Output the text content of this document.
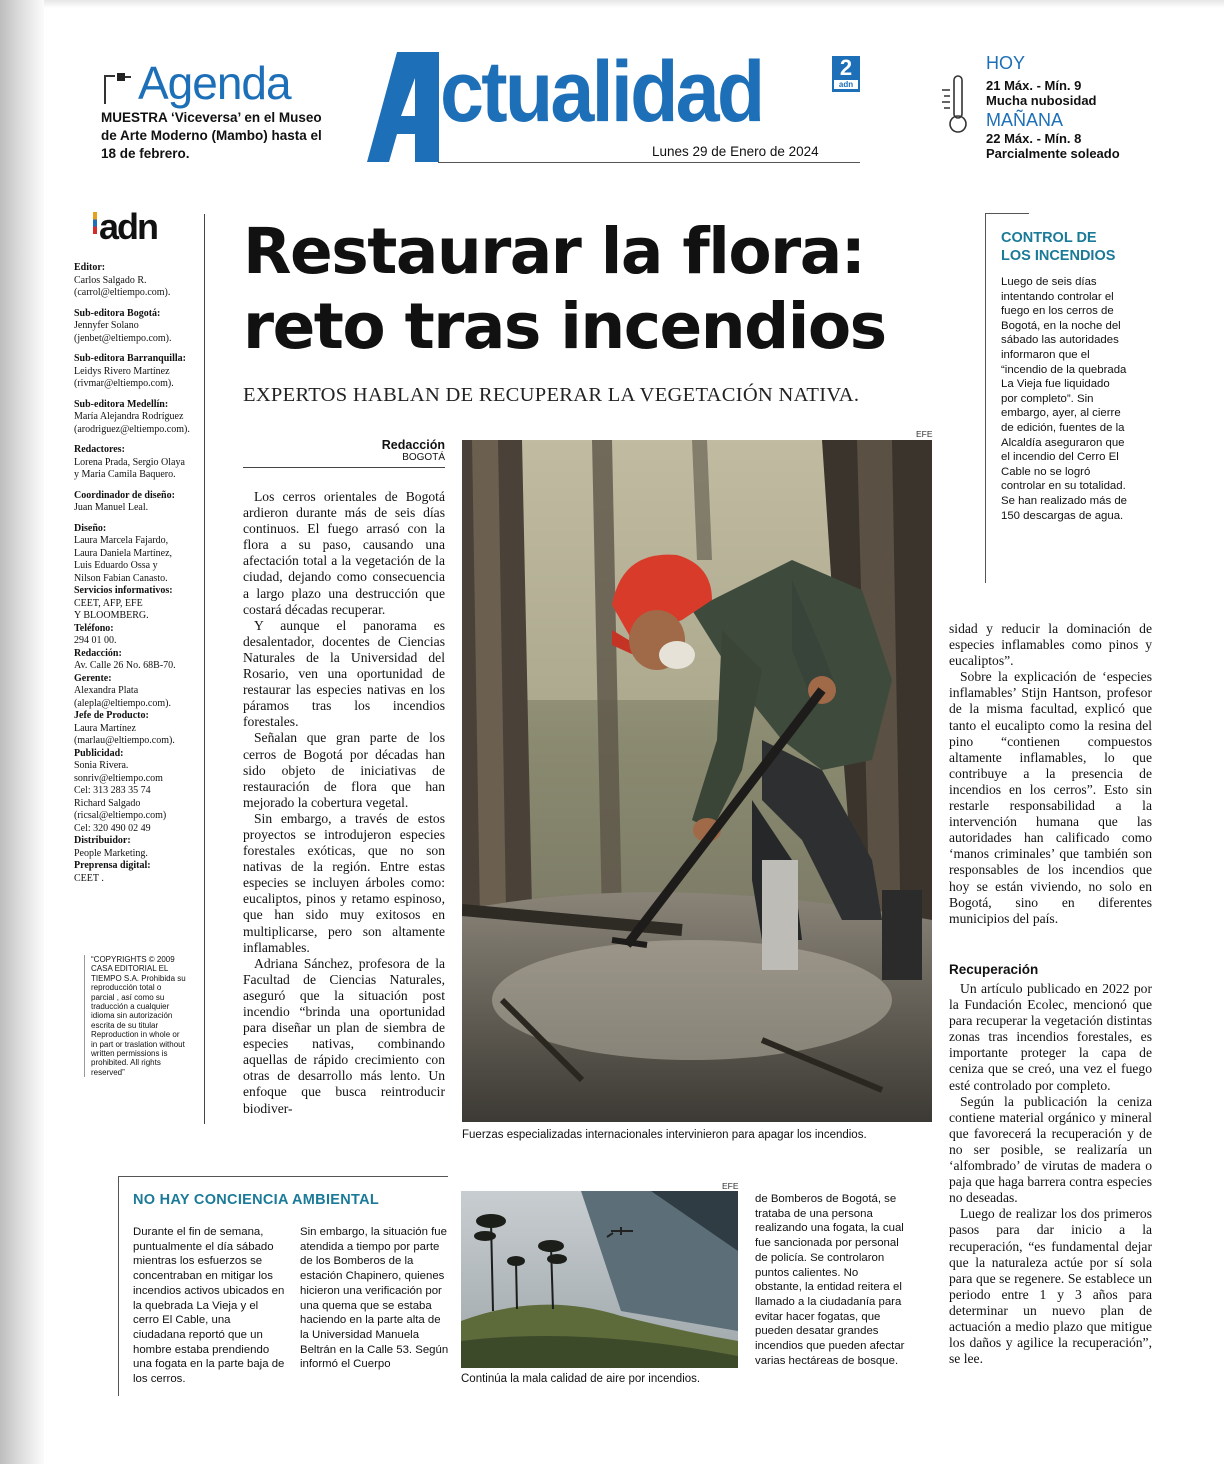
Agenda
MUESTRA ‘Viceversa’ en el Museo de Arte Moderno (Mambo) hasta el 18 de febrero.
ctualidad	2
adn
Lunes 29 de Enero de 2024
HOY
21 Máx. - Mín. 9
Mucha nubosidad
MAÑANA
22 Máx. - Mín. 8
Parcialmente soleado
adn
Editor:
Carlos Salgado R.
(carrol@eltiempo.com).
Sub-editora Bogotá:
Jennyfer Solano
(jenbet@eltiempo.com).
Sub-editora Barranquilla:
Leidys Rivero Martínez
(rivmar@eltiempo.com).
Sub-editora Medellín:
María Alejandra Rodríguez
(arodriguez@eltiempo.com).
Redactores:
Lorena Prada, Sergio Olaya
y Maria Camila Baquero.
Coordinador de diseño:
Juan Manuel Leal.
Diseño:
Laura Marcela Fajardo,
Laura Daniela Martínez,
Luis Eduardo Ossa y
Nilson Fabian Canasto.
Servicios informativos:
CEET, AFP, EFE
Y BLOOMBERG.
Teléfono:
294 01 00.
Redacción:
Av. Calle 26 No. 68B-70.
Gerente:
Alexandra Plata
(alepla@eltiempo.com).
Jefe de Producto:
Laura Martínez
(marlau@eltiempo.com).
Publicidad:
Sonia Rivera.
sonriv@eltiempo.com
Cel: 313 283 35 74
Richard Salgado
(ricsal@eltiempo.com)
Cel: 320 490 02 49
Distribuidor:
People Marketing.
Preprensa digital:
CEET .
“COPYRIGHTS © 2009 CASA EDITORIAL EL TIEMPO S.A. Prohibida su reproducción total o parcial , así como su traducción a cualquier idioma sin autorización escrita de su titular Reproduction in whole or in part or traslation without written permissions is prohibited. All rights reserved”
Restaurar la flora:
reto tras incendios
EXPERTOS HABLAN DE RECUPERAR LA VEGETACIÓN NATIVA.
Redacción
BOGOTÁ

Los cerros orientales de Bogotá ardieron durante más de seis días continuos. El fuego arrasó con la flora a su paso, causando una afectación total a la vegetación de la ciudad, dejando como consecuencia a largo plazo una destrucción que costará décadas recuperar.

Y aunque el panorama es desalentador, docentes de Ciencias Naturales de la Universidad del Rosario, ven una oportunidad de restaurar las especies nativas en los páramos tras los incendios forestales.

Señalan que gran parte de los cerros de Bogotá por décadas han sido objeto de iniciativas de restauración de flora que han mejorado la cobertura vegetal.

Sin embargo, a través de estos proyectos se introdujeron especies forestales exóticas, que no son nativas de la región. Entre estas especies se incluyen árboles como: eucaliptos, pinos y retamo espinoso, que han sido muy exitosos en multiplicarse, pero son altamente inflamables.

Adriana Sánchez, profesora de la Facultad de Ciencias Naturales, aseguró que la situación post incendio “brinda una oportunidad para diseñar un plan de siembra de especies nativas, combinando aquellas de rápido crecimiento con otras de desarrollo más lento. Un enfoque que busca reintroducir biodiver-

EFE
Fuerzas especializadas internacionales intervinieron para apagar los incendios.
CONTROL DE
LOS INCENDIOS
Luego de seis días intentando controlar el fuego en los cerros de Bogotá, en la noche del sábado las autoridades informaron que el “incendio de la quebrada La Vieja fue liquidado por completo”. Sin embargo, ayer, al cierre de edición, fuentes de la Alcaldía aseguraron que el incendio del Cerro El Cable no se logró controlar en su totalidad. Se han realizado más de 150 descargas de agua.

sidad y reducir la dominación de especies inflamables como pinos y eucaliptos”.

Sobre la explicación de ‘especies inflamables’ Stijn Hantson, profesor de la misma facultad, explicó que tanto el eucalipto como la resina del pino “contienen compuestos altamente inflamables, lo que contribuye a la presencia de incendios en los cerros”. Esto sin restarle responsabilidad a la intervención humana que las autoridades han calificado como ‘manos criminales’ que también son responsables de los incendios que hoy se están viviendo, no solo en Bogotá, sino en diferentes municipios del país.

Recuperación

Un artículo publicado en 2022 por la Fundación Ecolec, mencionó que para recuperar la vegetación distintas zonas tras incendios forestales, es importante proteger la capa de ceniza que se creó, una vez el fuego esté controlado por completo.

Según la publicación la ceniza contiene material orgánico y mineral que favorecerá la recuperación y de no ser posible, se realizaría un ‘alfombrado’ de virutas de madera o paja que haga barrera contra especies no deseadas.

Luego de realizar los dos primeros pasos para dar inicio a la recuperación, “es fundamental dejar que la naturaleza actúe por sí sola para que se regenere. Se establece un periodo entre 1 y 3 años para determinar un nuevo plan de actuación a medio plazo que mitigue los daños y agilice la recuperación”, se lee.

NO HAY CONCIENCIA AMBIENTAL
Durante el fin de semana, puntualmente el día sábado mientras los esfuerzos se concentraban en mitigar los incendios activos ubicados en la quebrada La Vieja y el cerro El Cable, una ciudadana reportó que un hombre estaba prendiendo una fogata en la parte baja de los cerros.
Sin embargo, la situación fue atendida a tiempo por parte de los Bomberos de la estación Chapinero, quienes hicieron una verificación por una quema que se estaba haciendo en la parte alta de la Universidad Manuela Beltrán en la Calle 53. Según informó el Cuerpo
EFE
Continúa la mala calidad de aire por incendios.
de Bomberos de Bogotá, se trataba de una persona realizando una fogata, la cual fue sancionada por personal de policía. Se controlaron puntos calientes. No obstante, la entidad reitera el llamado a la ciudadanía para evitar hacer fogatas, que pueden desatar grandes incendios que pueden afectar varias hectáreas de bosque.
